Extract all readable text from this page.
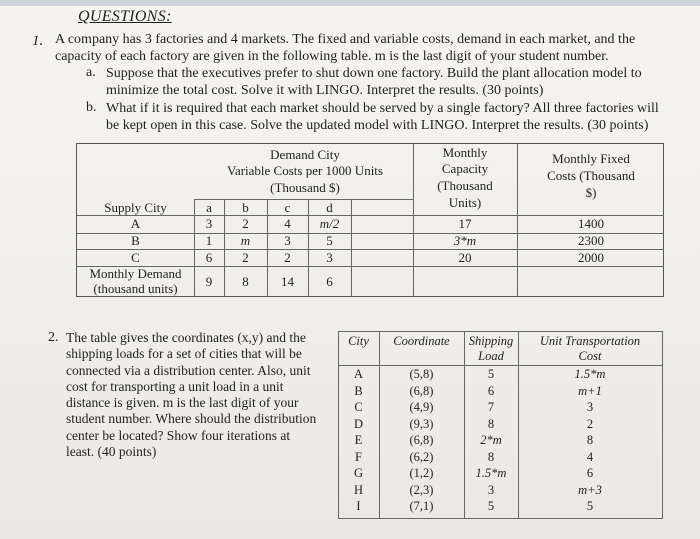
QUESTIONS:
1. A company has 3 factories and 4 markets. The fixed and variable costs, demand in each market, and the
capacity of each factory are given in the following table. m is the last digit of your student number.
a. Suppose that the executives prefer to shut down one factory. Build the plant allocation model to
minimize the total cost. Solve it with LINGO. Interpret the results. (30 points)
b. What if it is required that each market should be served by a single factory? All three factories will
be kept open in this case. Solve the updated model with LINGO. Interpret the results. (30 points)
Demand City
Variable Costs per 1000 Units
(Thousand $)
Monthly
Capacity
(Thousand
Units)
Monthly Fixed
Costs (Thousand
$)
Supply City	a	b	c	d
A	3	2	4	m/2	17	1400
B	1	m	3	5	3*m	2300
C	6	2	2	3	20	2000
Monthly Demand
(thousand units)	9	8	14	6
2. The table gives the coordinates (x,y) and the
shipping loads for a set of cities that will be
connected via a distribution center. Also, unit
cost for transporting a unit load in a unit
distance is given. m is the last digit of your
student number. Where should the distribution
center be located? Show four iterations at
least. (40 points)
City	Coordinate	Shipping
Load
Unit Transportation
Cost
A	(5,8)	5	1.5*m
B	(6,8)	6	m+1
C	(4,9)	7	3
D	(9,3)	8	2
E	(6,8)	2*m	8
F	(6,2)	8	4
G	(1,2)	1.5*m	6
H	(2,3)	3	m+3
I	(7,1)	5	5
